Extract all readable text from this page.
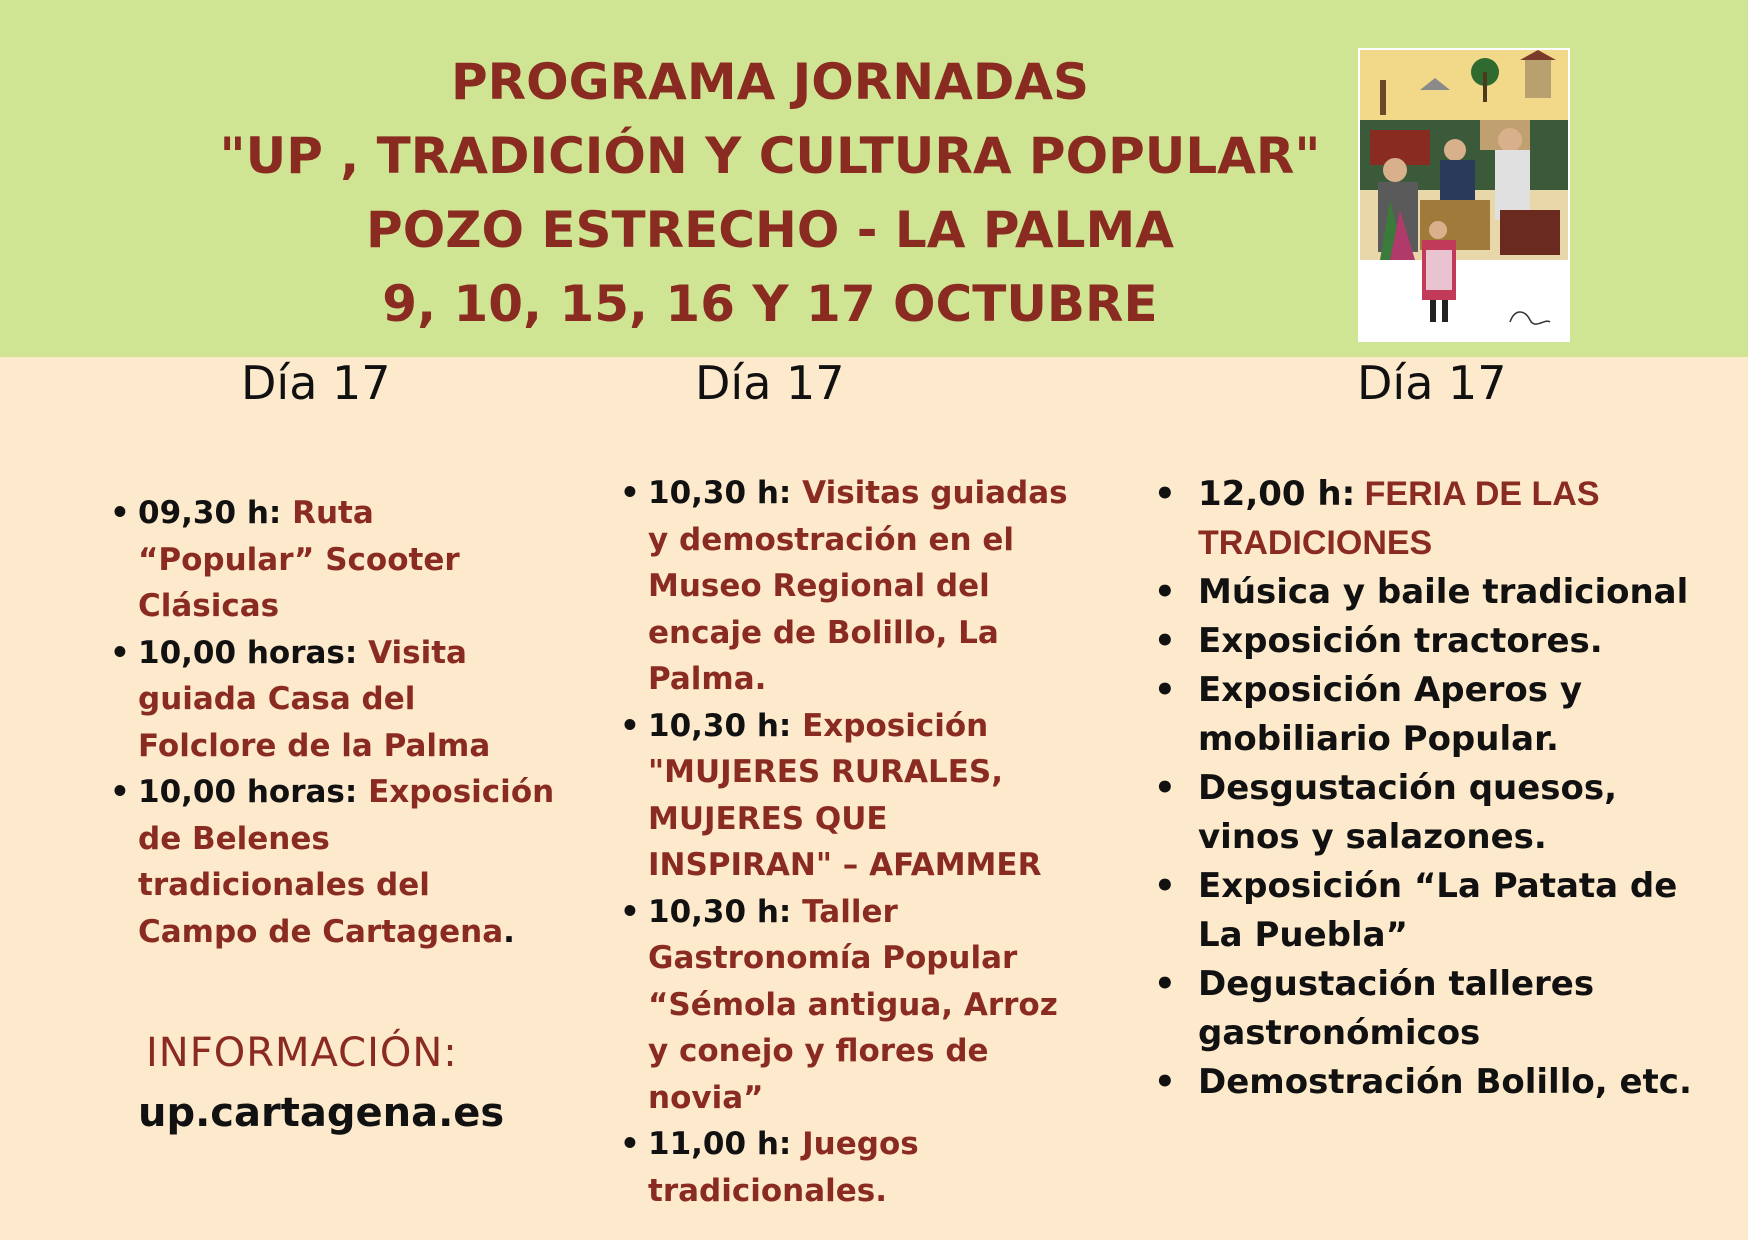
PROGRAMA JORNADAS
"UP , TRADICIÓN Y CULTURA POPULAR"
POZO ESTRECHO - LA PALMA
9, 10, 15, 16 Y 17 OCTUBRE
Día 17	Día 17	Día 17
• 09,30 h: Ruta “Popular” Scooter Clásicas
• 10,00 horas: Visita guiada Casa del Folclore de la Palma
• 10,00 horas: Exposición de Belenes tradicionales del Campo de Cartagena.
• 10,30 h: Visitas guiadas y demostración en el Museo Regional del encaje de Bolillo, La Palma.
• 10,30 h: Exposición "MUJERES RURALES, MUJERES QUE INSPIRAN" – AFAMMER
• 10,30 h: Taller Gastronomía Popular “Sémola antigua, Arroz y conejo y flores de novia”
• 11,00 h: Juegos tradicionales.
• 12,00 h: FERIA DE LAS TRADICIONES
• Música y baile tradicional
• Exposición tractores.
• Exposición Aperos y mobiliario Popular.
• Desgustación quesos, vinos y salazones.
• Exposición “La Patata de La Puebla”
• Degustación talleres gastronómicos
• Demostración Bolillo, etc.
INFORMACIÓN:
up.cartagena.es
